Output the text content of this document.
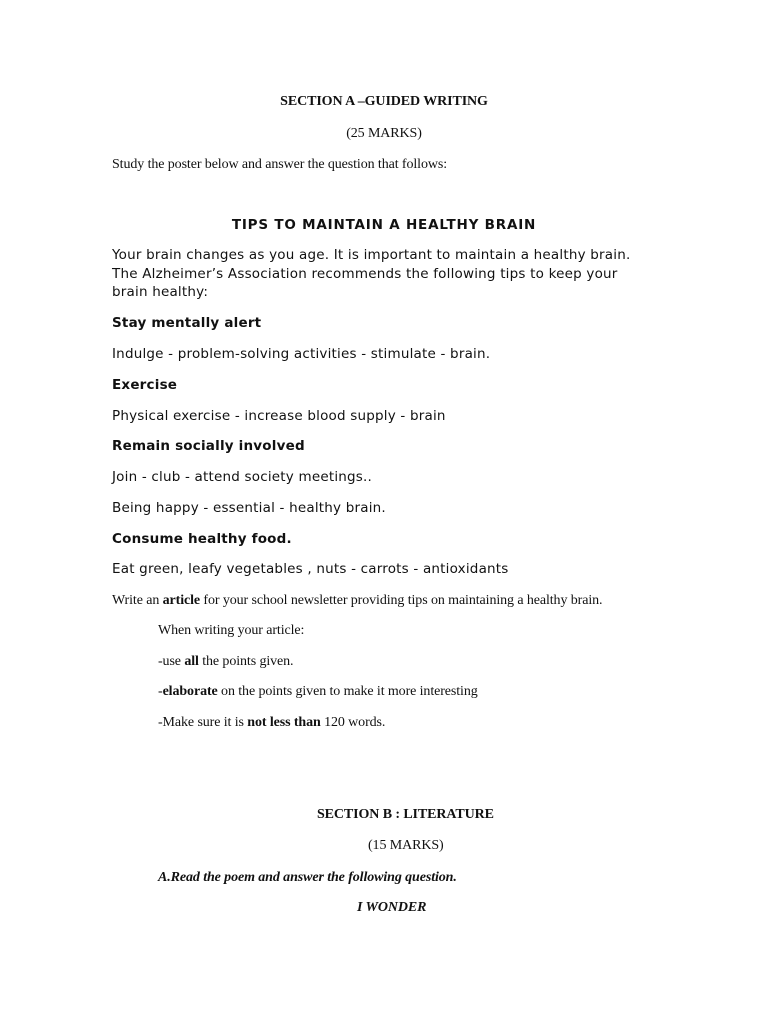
SECTION A –GUIDED WRITING
(25 MARKS)
Study the poster below and answer the question that follows:
TIPS TO MAINTAIN A HEALTHY BRAIN
Your brain changes as you age. It is important to maintain a healthy brain. The Alzheimer’s Association recommends the following tips to keep your brain healthy:
Stay mentally alert
Indulge - problem-solving activities - stimulate - brain.
Exercise
Physical exercise - increase blood supply - brain
Remain socially involved
Join - club - attend society meetings..
Being happy - essential - healthy brain.
Consume healthy food.
Eat green, leafy vegetables , nuts - carrots - antioxidants
Write an article for your school newsletter providing tips on maintaining a healthy brain.
When writing your article:
-use all the points given.
-elaborate on the points given to make it more interesting
-Make sure it is not less than 120 words.
SECTION B : LITERATURE
(15 MARKS)
A.Read the poem and answer the following question.
I WONDER
